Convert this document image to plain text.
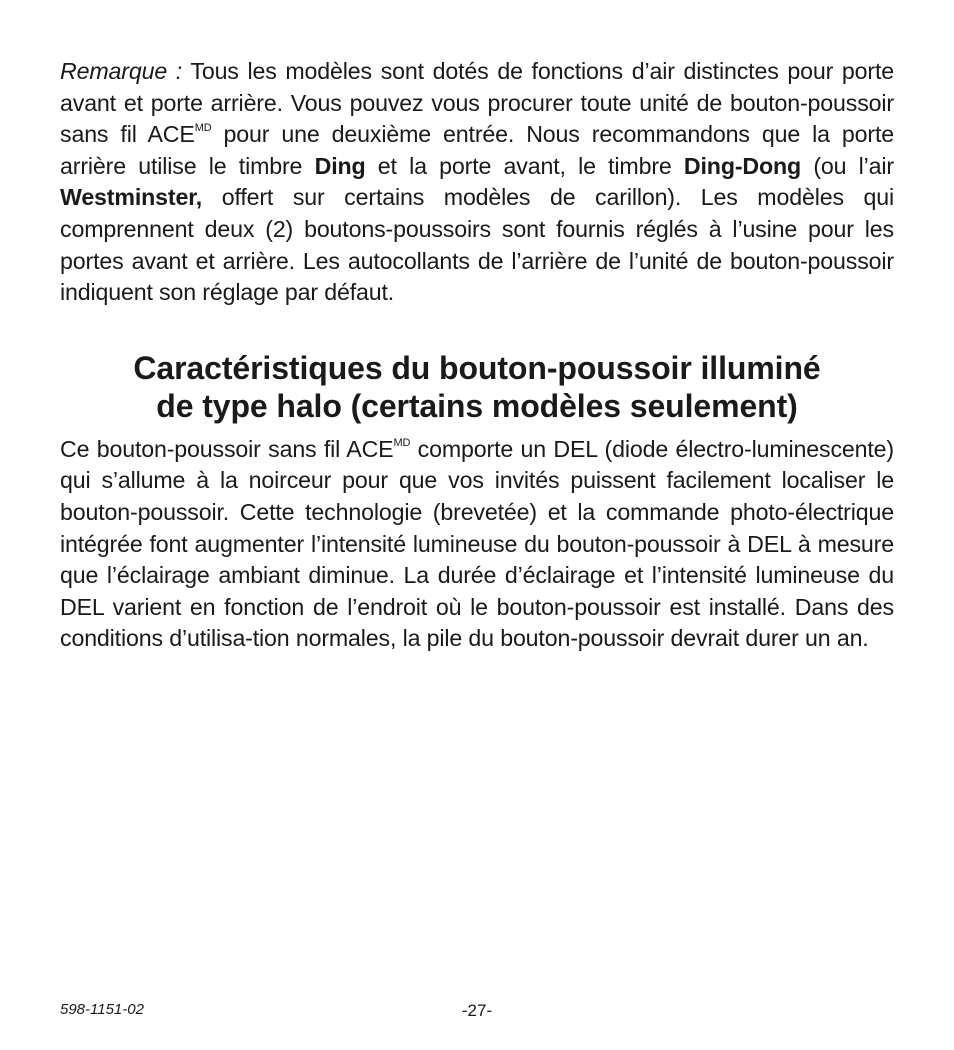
Remarque : Tous les modèles sont dotés de fonctions d’air distinctes pour porte avant et porte arrière. Vous pouvez vous procurer toute unité de bouton-poussoir sans fil $ACE^{MD}$ pour une deuxième entrée. Nous recommandons que la porte arrière utilise le timbre Ding et la porte avant, le timbre Ding-Dong (ou l’air Westminster, offert sur certains modèles de carillon). Les modèles qui comprennent deux (2) boutons-poussoirs sont fournis réglés à l’usine pour les portes avant et arrière. Les autocollants de l’arrière de l’unité de bouton-poussoir indiquent son réglage par défaut.

Caractéristiques du bouton-poussoir illuminé
de type halo (certains modèles seulement)

Ce bouton-poussoir sans fil $ACE^{MD}$ comporte un DEL (diode électro-luminescente) qui s’allume à la noirceur pour que vos invités puissent facilement localiser le bouton-poussoir. Cette technologie (brevetée) et la commande photo-électrique intégrée font augmenter l’intensité lumineuse du bouton-poussoir à DEL à mesure que l’éclairage ambiant diminue. La durée d’éclairage et l’intensité lumineuse du DEL varient en fonction de l’endroit où le bouton-poussoir est installé. Dans des conditions d’utilisa-tion normales, la pile du bouton-poussoir devrait durer un an.

598-1151-02	-27-
